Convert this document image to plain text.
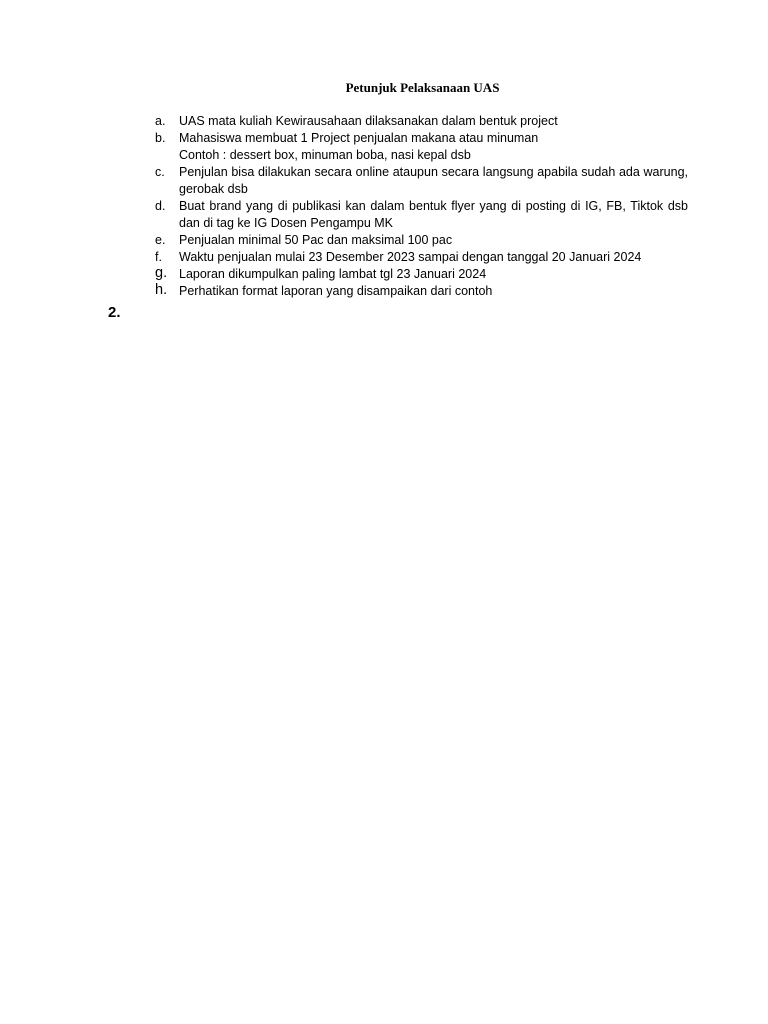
Petunjuk Pelaksanaan UAS
a. UAS mata kuliah Kewirausahaan dilaksanakan dalam bentuk project
b. Mahasiswa membuat 1 Project penjualan makana atau minuman
Contoh : dessert box, minuman boba, nasi kepal dsb
c. Penjulan bisa dilakukan secara online ataupun secara langsung apabila sudah ada warung, gerobak dsb
d. Buat brand yang di publikasi kan dalam bentuk flyer yang di posting di IG, FB, Tiktok dsb dan di tag ke IG Dosen Pengampu MK
e. Penjualan minimal 50 Pac dan maksimal 100 pac
f. Waktu penjualan mulai 23 Desember 2023 sampai dengan tanggal 20 Januari 2024
g. Laporan dikumpulkan paling lambat tgl 23 Januari 2024
h. Perhatikan format laporan yang disampaikan dari contoh
2.
